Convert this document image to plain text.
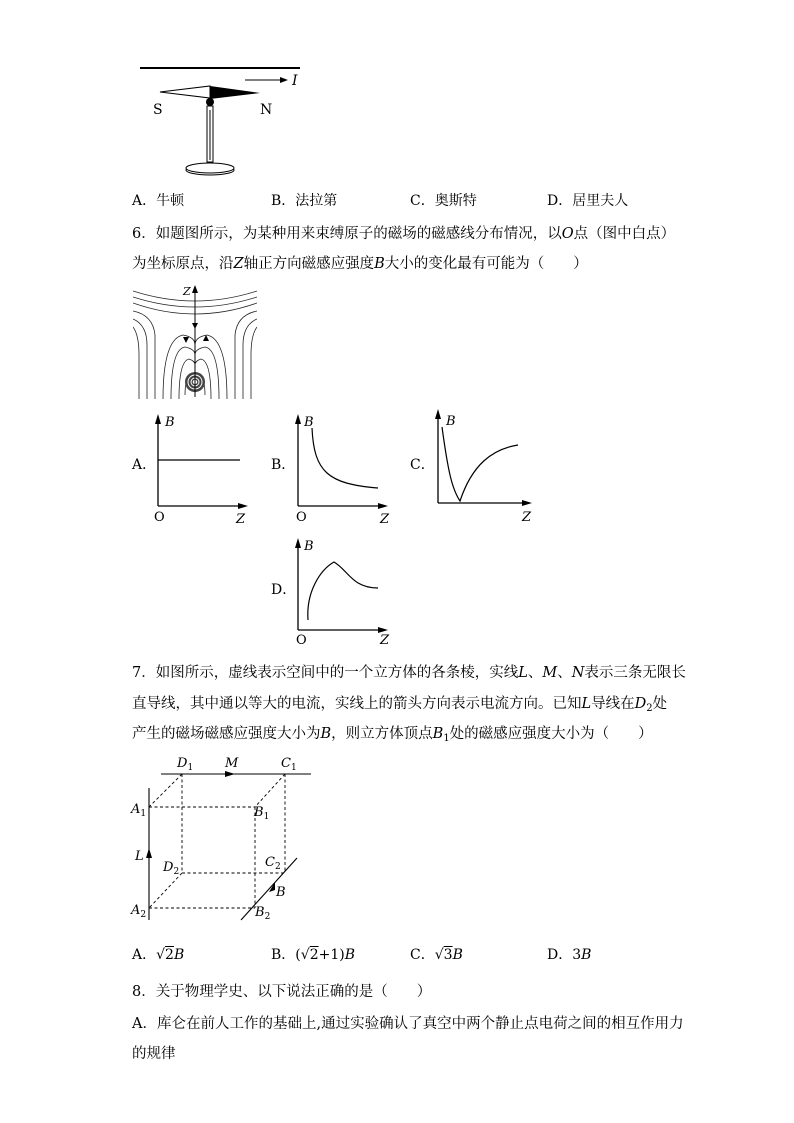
I
S	N
A．牛顿	B．法拉第	C．奥斯特	D．居里夫人
6．如题图所示，为某种用来束缚原子的磁场的磁感线分布情况，以O点（图中白点）
为坐标原点，沿Z轴正方向磁感应强度B大小的变化最有可能为（　　）
Z
A．	B．	C．
D．
B
O	Z
B
O	Z
B
Z
B
O	Z
7．如图所示，虚线表示空间中的一个立方体的各条棱，实线L、M、N表示三条无限长
直导线，其中通以等大的电流，实线上的箭头方向表示电流方向。已知L导线在$D_2$处
产生的磁场磁感应强度大小为B，则立方体顶点$B_1$处的磁感应强度大小为（　　）
$D_1$ M	$C_1$
$A_1$	$B_1$
L
$D_2$
$C_2$
B
$A_2$	$B_2$
A．√2B	B．(√2+1)B	C．√3B	D．3B
8．关于物理学史、以下说法正确的是（　　）
A．库仑在前人工作的基础上,通过实验确认了真空中两个静止点电荷之间的相互作用力
的规律
